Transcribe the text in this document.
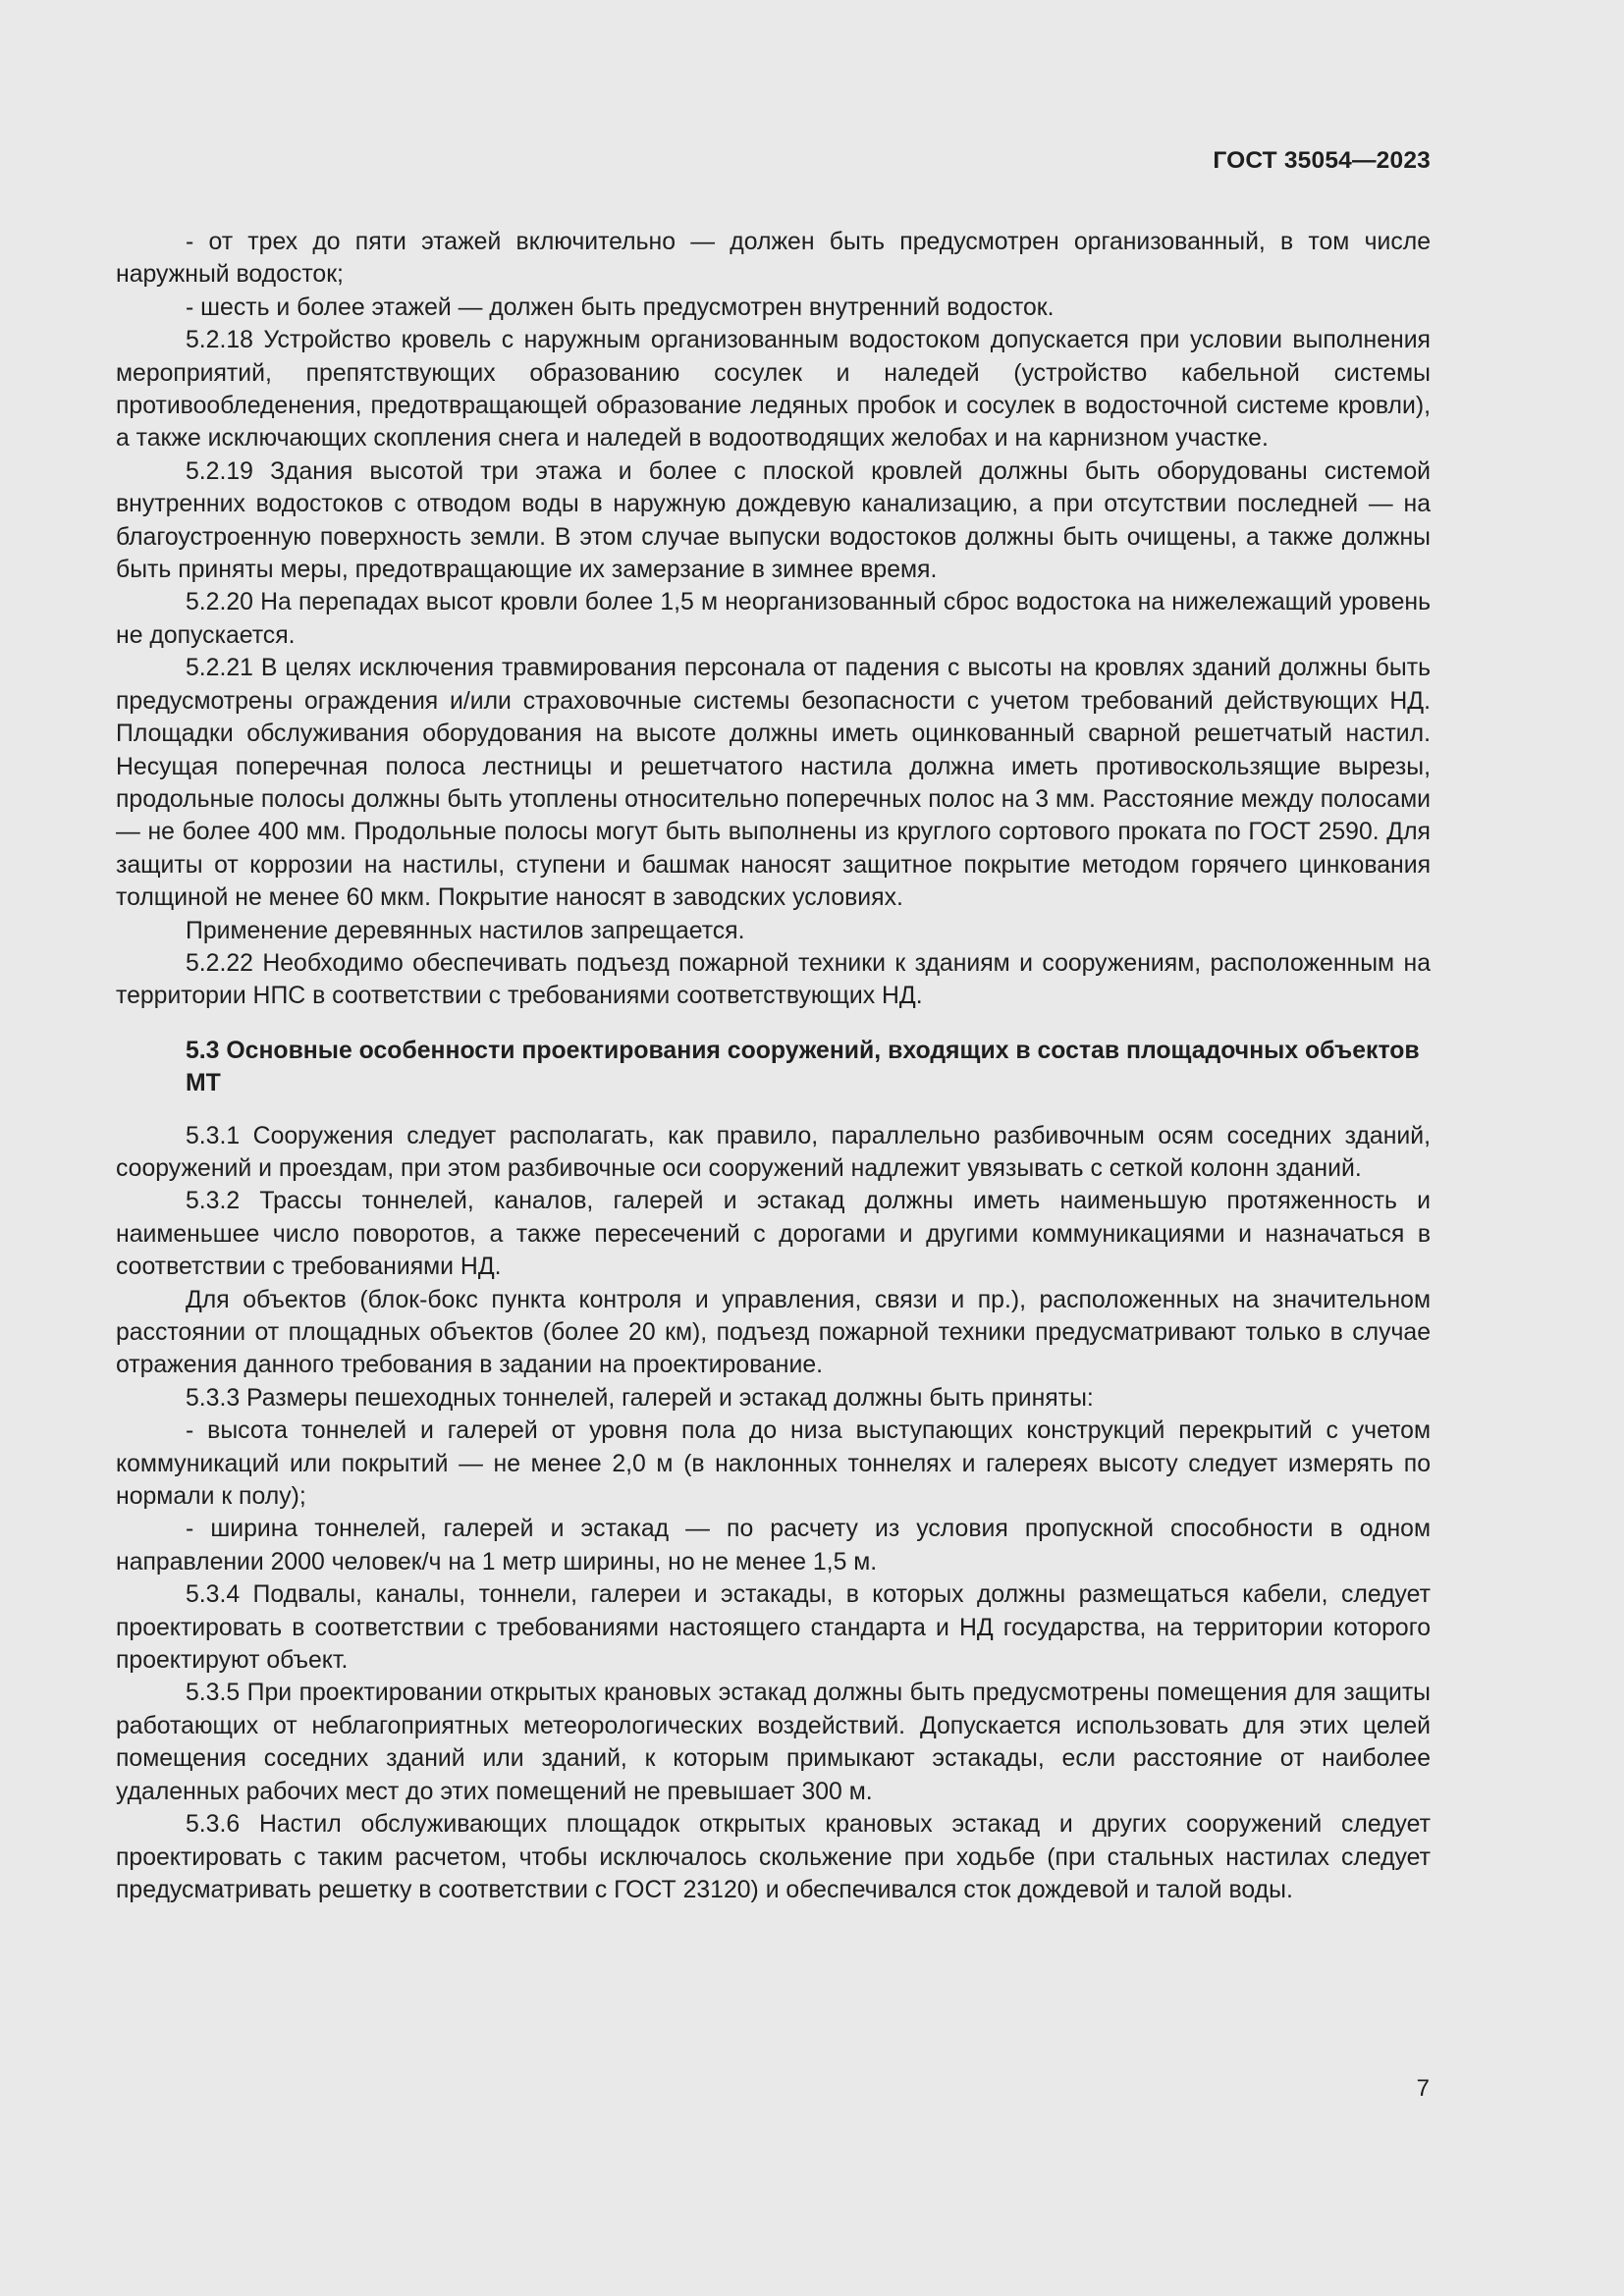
ГОСТ 35054—2023

- от трех до пяти этажей включительно — должен быть предусмотрен организованный, в том числе наружный водосток;

- шесть и более этажей — должен быть предусмотрен внутренний водосток.

5.2.18 Устройство кровель с наружным организованным водостоком допускается при условии выполнения мероприятий, препятствующих образованию сосулек и наледей (устройство кабельной системы противообледенения, предотвращающей образование ледяных пробок и сосулек в водосточной системе кровли), а также исключающих скопления снега и наледей в водоотводящих желобах и на карнизном участке.

5.2.19 Здания высотой три этажа и более с плоской кровлей должны быть оборудованы системой внутренних водостоков с отводом воды в наружную дождевую канализацию, а при отсутствии последней — на благоустроенную поверхность земли. В этом случае выпуски водостоков должны быть очищены, а также должны быть приняты меры, предотвращающие их замерзание в зимнее время.

5.2.20 На перепадах высот кровли более 1,5 м неорганизованный сброс водостока на нижележащий уровень не допускается.

5.2.21 В целях исключения травмирования персонала от падения с высоты на кровлях зданий должны быть предусмотрены ограждения и/или страховочные системы безопасности с учетом требований действующих НД. Площадки обслуживания оборудования на высоте должны иметь оцинкованный сварной решетчатый настил. Несущая поперечная полоса лестницы и решетчатого настила должна иметь противоскользящие вырезы, продольные полосы должны быть утоплены относительно поперечных полос на 3 мм. Расстояние между полосами — не более 400 мм. Продольные полосы могут быть выполнены из круглого сортового проката по ГОСТ 2590. Для защиты от коррозии на настилы, ступени и башмак наносят защитное покрытие методом горячего цинкования толщиной не менее 60 мкм. Покрытие наносят в заводских условиях.

Применение деревянных настилов запрещается.

5.2.22 Необходимо обеспечивать подъезд пожарной техники к зданиям и сооружениям, расположенным на территории НПС в соответствии с требованиями соответствующих НД.

5.3 Основные особенности проектирования сооружений, входящих в состав площадочных объектов МТ

5.3.1 Сооружения следует располагать, как правило, параллельно разбивочным осям соседних зданий, сооружений и проездам, при этом разбивочные оси сооружений надлежит увязывать с сеткой колонн зданий.

5.3.2 Трассы тоннелей, каналов, галерей и эстакад должны иметь наименьшую протяженность и наименьшее число поворотов, а также пересечений с дорогами и другими коммуникациями и назначаться в соответствии с требованиями НД.

Для объектов (блок-бокс пункта контроля и управления, связи и пр.), расположенных на значительном расстоянии от площадных объектов (более 20 км), подъезд пожарной техники предусматривают только в случае отражения данного требования в задании на проектирование.

5.3.3 Размеры пешеходных тоннелей, галерей и эстакад должны быть приняты:

- высота тоннелей и галерей от уровня пола до низа выступающих конструкций перекрытий с учетом коммуникаций или покрытий — не менее 2,0 м (в наклонных тоннелях и галереях высоту следует измерять по нормали к полу);

- ширина тоннелей, галерей и эстакад — по расчету из условия пропускной способности в одном направлении 2000 человек/ч на 1 метр ширины, но не менее 1,5 м.

5.3.4 Подвалы, каналы, тоннели, галереи и эстакады, в которых должны размещаться кабели, следует проектировать в соответствии с требованиями настоящего стандарта и НД государства, на территории которого проектируют объект.

5.3.5 При проектировании открытых крановых эстакад должны быть предусмотрены помещения для защиты работающих от неблагоприятных метеорологических воздействий. Допускается использовать для этих целей помещения соседних зданий или зданий, к которым примыкают эстакады, если расстояние от наиболее удаленных рабочих мест до этих помещений не превышает 300 м.

5.3.6 Настил обслуживающих площадок открытых крановых эстакад и других сооружений следует проектировать с таким расчетом, чтобы исключалось скольжение при ходьбе (при стальных настилах следует предусматривать решетку в соответствии с ГОСТ 23120) и обеспечивался сток дождевой и талой воды.

7
